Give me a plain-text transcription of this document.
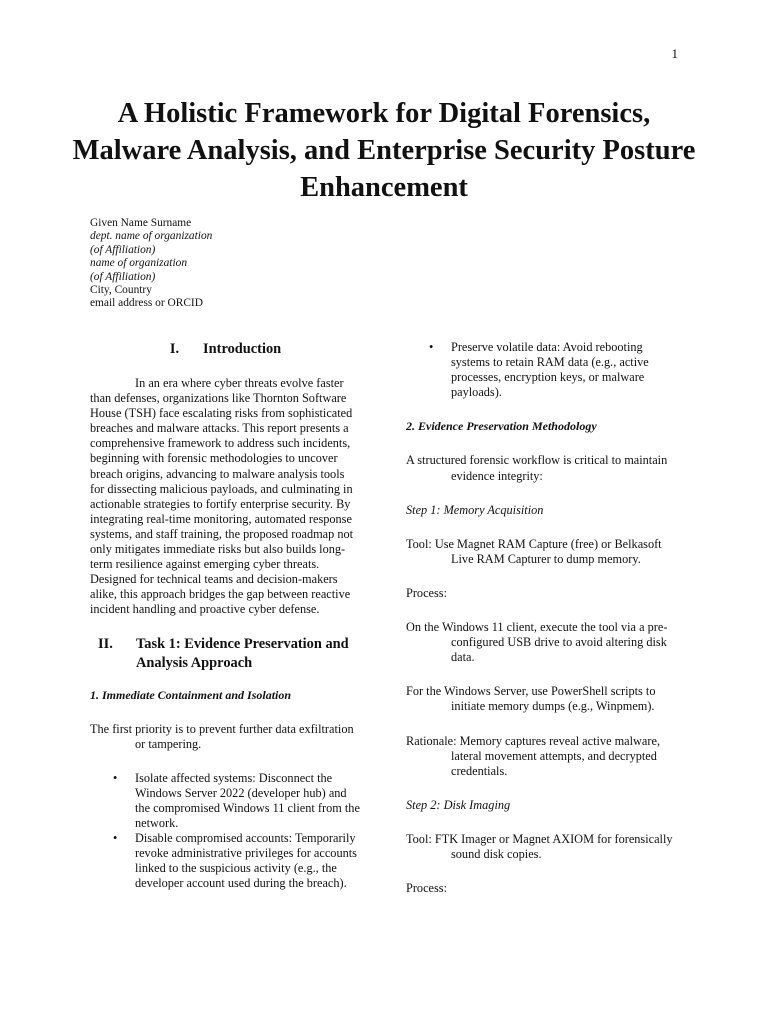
1
A Holistic Framework for Digital Forensics, Malware Analysis, and Enterprise Security Posture Enhancement
Given Name Surname
dept. name of organization
(of Affiliation)
name of organization
(of Affiliation)
City, Country
email address or ORCID
I. Introduction

In an era where cyber threats evolve faster than defenses, organizations like Thornton Software House (TSH) face escalating risks from sophisticated breaches and malware attacks. This report presents a comprehensive framework to address such incidents, beginning with forensic methodologies to uncover breach origins, advancing to malware analysis tools for dissecting malicious payloads, and culminating in actionable strategies to fortify enterprise security. By integrating real-time monitoring, automated response systems, and staff training, the proposed roadmap not only mitigates immediate risks but also builds long-term resilience against emerging cyber threats. Designed for technical teams and decision-makers alike, this approach bridges the gap between reactive incident handling and proactive cyber defense.

II. Task 1: Evidence Preservation and Analysis Approach

1. Immediate Containment and Isolation

The first priority is to prevent further data exfiltration or tampering.

• Isolate affected systems: Disconnect the Windows Server 2022 (developer hub) and the compromised Windows 11 client from the network.
• Disable compromised accounts: Temporarily revoke administrative privileges for accounts linked to the suspicious activity (e.g., the developer account used during the breach).
• Preserve volatile data: Avoid rebooting systems to retain RAM data (e.g., active processes, encryption keys, or malware payloads).

2. Evidence Preservation Methodology

A structured forensic workflow is critical to maintain evidence integrity:

Step 1: Memory Acquisition

Tool: Use Magnet RAM Capture (free) or Belkasoft Live RAM Capturer to dump memory.

Process:

On the Windows 11 client, execute the tool via a pre-configured USB drive to avoid altering disk data.

For the Windows Server, use PowerShell scripts to initiate memory dumps (e.g., Winpmem).

Rationale: Memory captures reveal active malware, lateral movement attempts, and decrypted credentials.

Step 2: Disk Imaging

Tool: FTK Imager or Magnet AXIOM for forensically sound disk copies.

Process:
